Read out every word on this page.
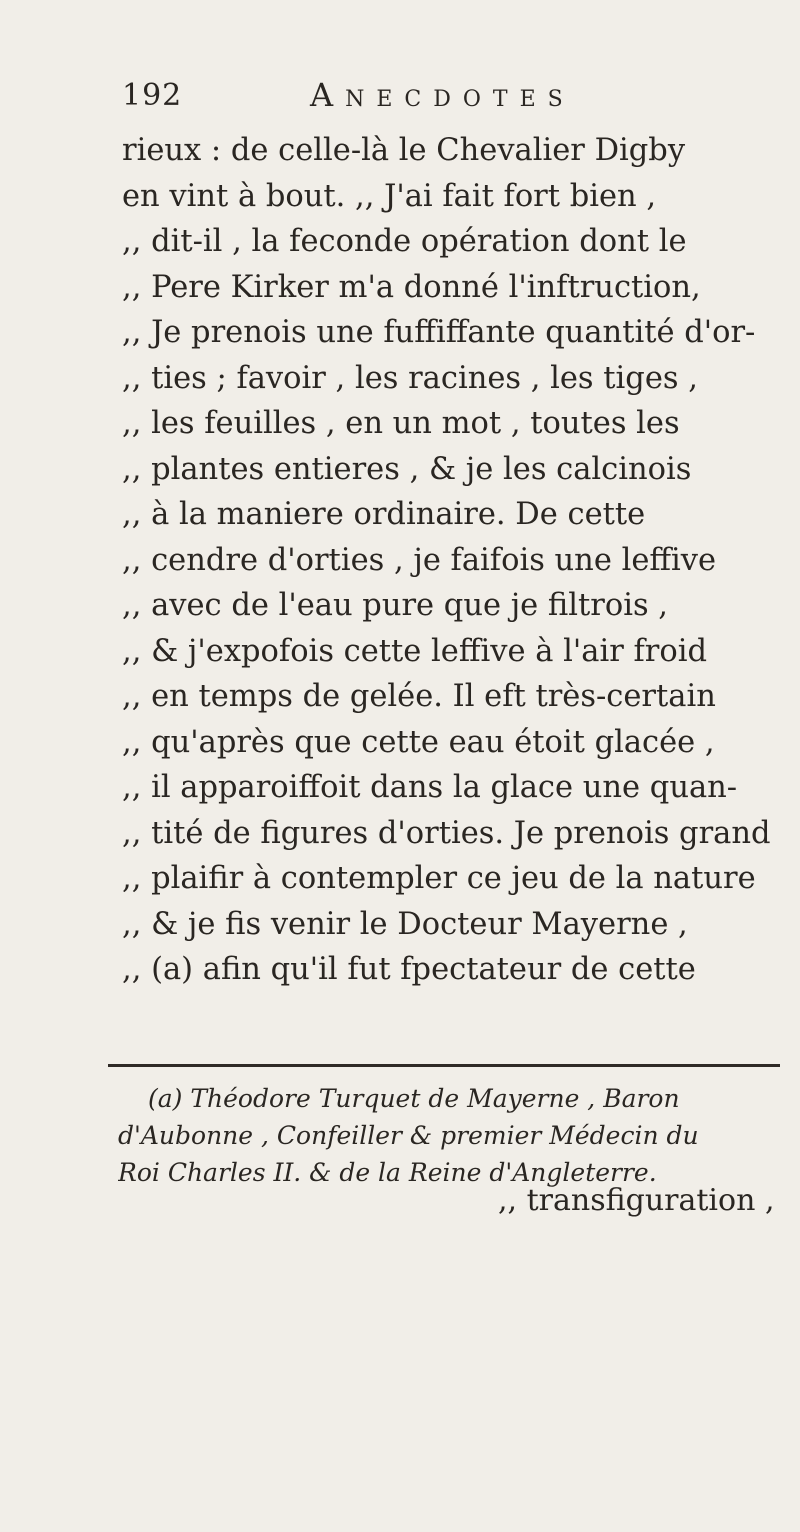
192	Anecdotes
rieux : de celle-là le Chevalier Digby
en vint à bout. ,, J'ai fait fort bien ,
,, dit-il , la feconde opération dont le
,, Pere Kirker m'a donné l'inftruction,
,, Je prenois une fuffiffante quantité d'or-
,, ties ; favoir , les racines , les tiges ,
,, les feuilles , en un mot , toutes les
,, plantes entieres , & je les calcinois
,, à la maniere ordinaire. De cette
,, cendre d'orties , je faifois une leffive
,, avec de l'eau pure que je filtrois ,
,, & j'expofois cette leffive à l'air froid
,, en temps de gelée. Il eft très-certain
,, qu'après que cette eau étoit glacée ,
,, il apparoiffoit dans la glace une quan-
,, tité de figures d'orties. Je prenois grand
,, plaifir à contempler ce jeu de la nature
,, & je fis venir le Docteur Mayerne ,
,, (a) afin qu'il fut fpectateur de cette
(a) Théodore Turquet de Mayerne , Baron
d'Aubonne , Confeiller & premier Médecin du
Roi Charles II. & de la Reine d'Angleterre.
,, transfiguration ,
